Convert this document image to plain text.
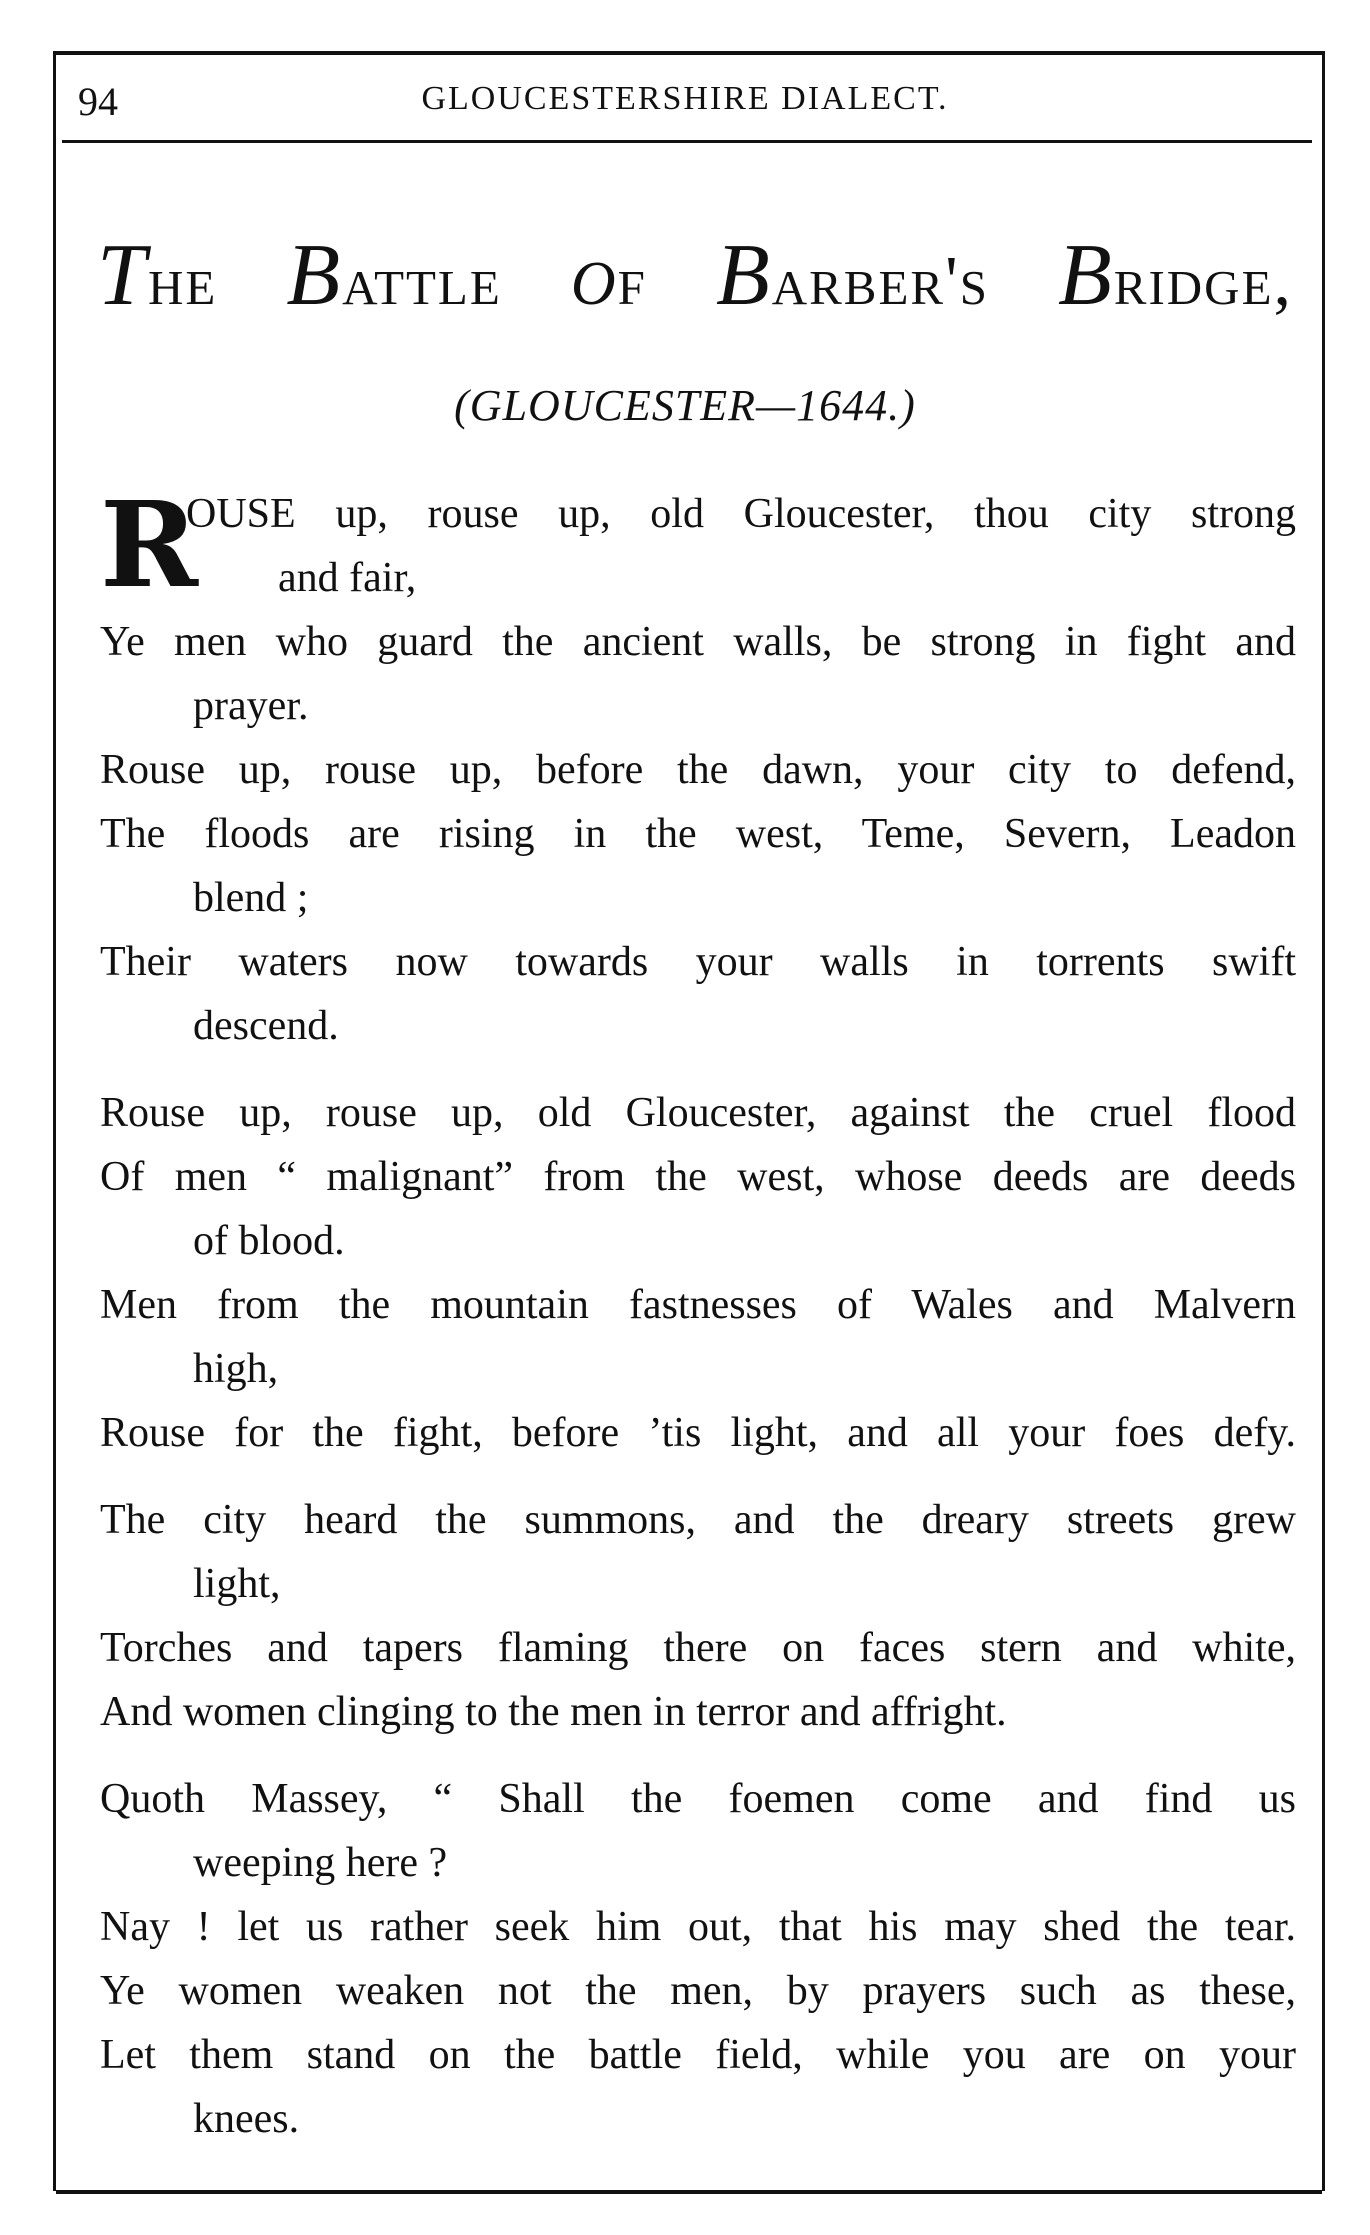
94	GLOUCESTERSHIRE DIALECT.
The Battle of Barber's Bridge,
(GLOUCESTER—1644.)
R
OUSE up, rouse up, old Gloucester, thou city strong
and fair,
Ye men who guard the ancient walls, be strong in fight and
prayer.
Rouse up, rouse up, before the dawn, your city to defend,
The floods are rising in the west, Teme, Severn, Leadon
blend ;
Their waters now towards your walls in torrents swift
descend.
Rouse up, rouse up, old Gloucester, against the cruel flood
Of men “ malignant” from the west, whose deeds are deeds
of blood.
Men from the mountain fastnesses of Wales and Malvern
high,
Rouse for the fight, before ’tis light, and all your foes defy.
The city heard the summons, and the dreary streets grew
light,
Torches and tapers flaming there on faces stern and white,
And women clinging to the men in terror and affright.
Quoth Massey, “ Shall the foemen come and find us
weeping here ?
Nay ! let us rather seek him out, that his may shed the tear.
Ye women weaken not the men, by prayers such as these,
Let them stand on the battle field, while you are on your
knees.
